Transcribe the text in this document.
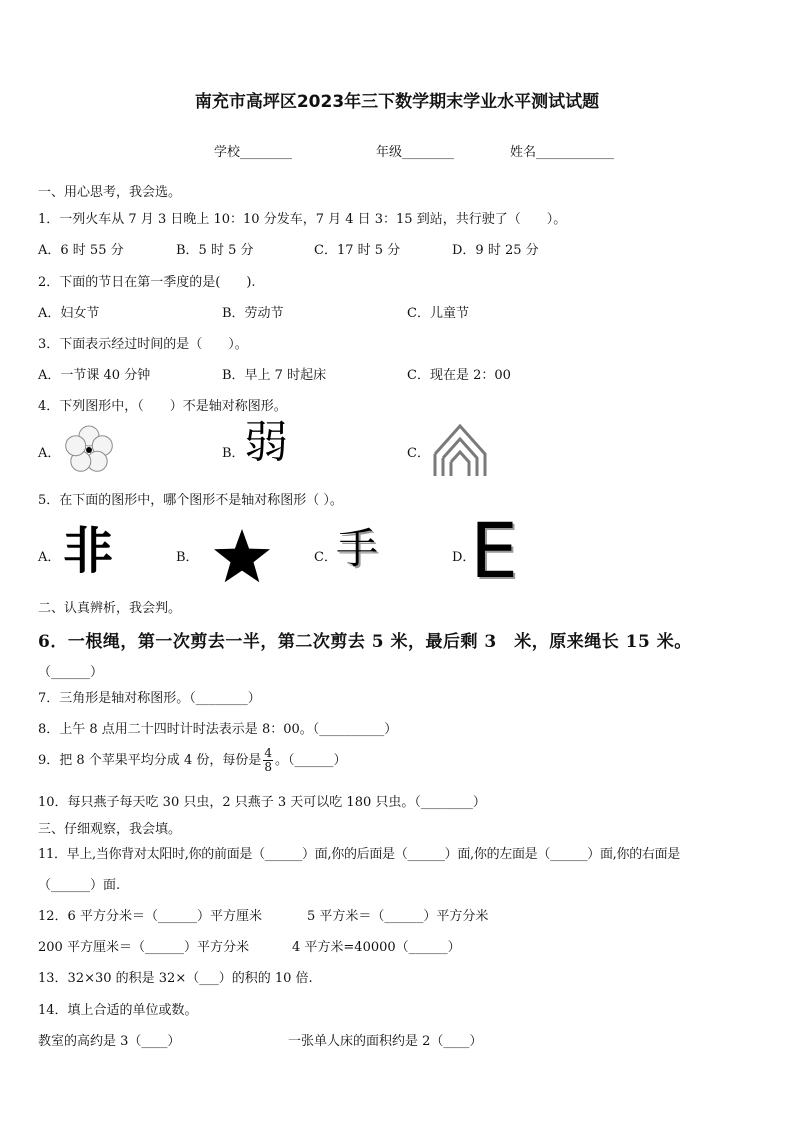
南充市高坪区2023年三下数学期末学业水平测试试题
学校________	年级________	姓名____________
一、用心思考，我会选。
1．一列火车从 7 月 3 日晚上 10：10 分发车，7 月 4 日 3：15 到站，共行驶了（　　）。
A．6 时 55 分	B．5 时 5 分	C．17 时 5 分	D．9 时 25 分
2．下面的节日在第一季度的是(　　).
A．妇女节	B．劳动节	C．儿童节
3．下面表示经过时间的是（　　）。
A．一节课 40 分钟	B．早上 7 时起床	C．现在是 2：00
4．下列图形中，（　　）不是轴对称图形。
A．	B． 弱	C．
5．在下面的图形中，哪个图形不是轴对称图形（ ）。
A． 非	B．	C． 手	D．
E
二、认真辨析，我会判。
6．一根绳，第一次剪去一半，第二次剪去 5 米，最后剩 3　米，原来绳长 15 米。
（______）
7．三角形是轴对称图形。（________）
8．上午 8 点用二十四时计时法表示是 8：00。（__________）
9．把 8 个苹果平均分成 4 份，每份是 $\frac{4}{8}$ 。（______）
10．每只燕子每天吃 30 只虫，2 只燕子 3 天可以吃 180 只虫。（________）
三、仔细观察，我会填。
11．早上,当你背对太阳时,你的前面是（______）面,你的后面是（______）面,你的左面是（______）面,你的右面是
（______）面.
12．6 平方分米＝（______）平方厘米	5 平方米＝（______）平方分米
200 平方厘米＝（______）平方分米	4 平方米=40000（______）
13．32×30 的积是 32×（___）的积的 10 倍.
14．填上合适的单位或数。
教室的高约是 3（____）	一张单人床的面积约是 2（____）
